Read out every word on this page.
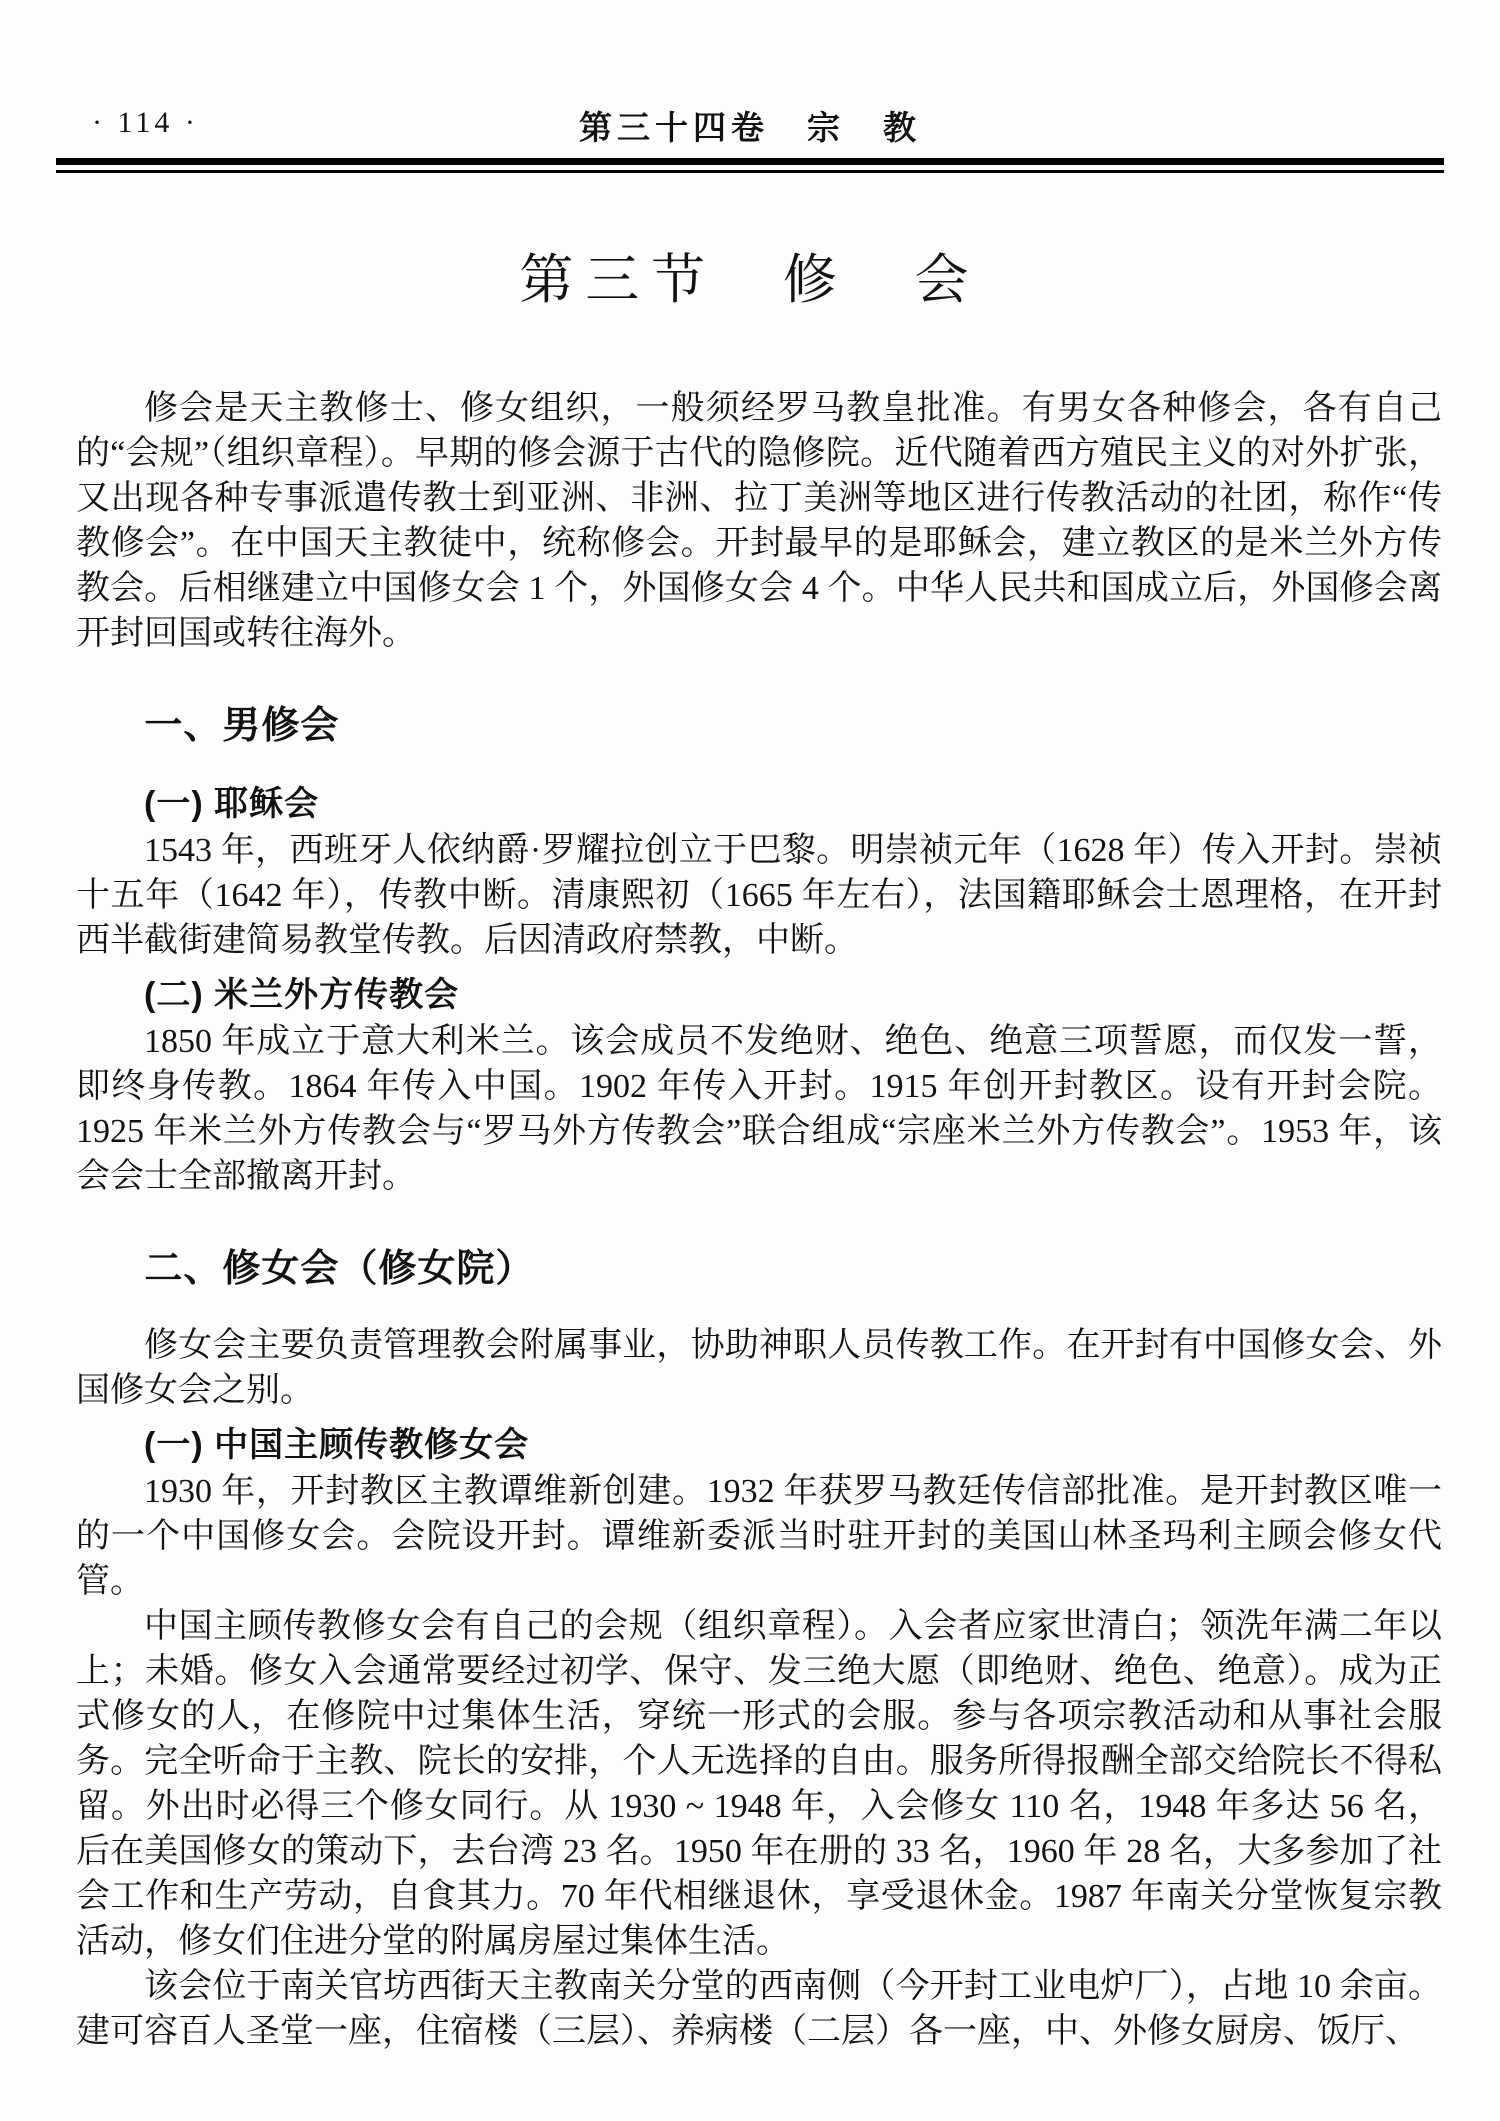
· 114 ·	第三十四卷　宗　教
第三节　修　会

修会是天主教修士、修女组织，一般须经罗马教皇批准。有男女各种修会，各有自己的“会规”（组织章程）。早期的修会源于古代的隐修院。近代随着西方殖民主义的对外扩张，又出现各种专事派遣传教士到亚洲、非洲、拉丁美洲等地区进行传教活动的社团，称作“传教修会”。在中国天主教徒中，统称修会。开封最早的是耶稣会，建立教区的是米兰外方传教会。后相继建立中国修女会 1 个，外国修女会 4 个。中华人民共和国成立后，外国修会离开封回国或转往海外。

一、男修会
(一) 耶稣会

1543 年，西班牙人依纳爵·罗耀拉创立于巴黎。明崇祯元年（1628 年）传入开封。崇祯十五年（1642 年），传教中断。清康熙初（1665 年左右），法国籍耶稣会士恩理格，在开封西半截街建简易教堂传教。后因清政府禁教，中断。

(二) 米兰外方传教会

1850 年成立于意大利米兰。该会成员不发绝财、绝色、绝意三项誓愿，而仅发一誓，即终身传教。1864 年传入中国。1902 年传入开封。1915 年创开封教区。设有开封会院。1925 年米兰外方传教会与“罗马外方传教会”联合组成“宗座米兰外方传教会”。1953 年，该会会士全部撤离开封。

二、修女会（修女院）

修女会主要负责管理教会附属事业，协助神职人员传教工作。在开封有中国修女会、外国修女会之别。

(一) 中国主顾传教修女会

1930 年，开封教区主教谭维新创建。1932 年获罗马教廷传信部批准。是开封教区唯一的一个中国修女会。会院设开封。谭维新委派当时驻开封的美国山林圣玛利主顾会修女代管。

中国主顾传教修女会有自己的会规（组织章程）。入会者应家世清白；领洗年满二年以上；未婚。修女入会通常要经过初学、保守、发三绝大愿（即绝财、绝色、绝意）。成为正式修女的人，在修院中过集体生活，穿统一形式的会服。参与各项宗教活动和从事社会服务。完全听命于主教、院长的安排，个人无选择的自由。服务所得报酬全部交给院长不得私留。外出时必得三个修女同行。从 1930 ~ 1948 年，入会修女 110 名，1948 年多达 56 名，后在美国修女的策动下，去台湾 23 名。1950 年在册的 33 名，1960 年 28 名，大多参加了社会工作和生产劳动，自食其力。70 年代相继退休，享受退休金。1987 年南关分堂恢复宗教活动，修女们住进分堂的附属房屋过集体生活。

该会位于南关官坊西街天主教南关分堂的西南侧（今开封工业电炉厂），占地 10 余亩。建可容百人圣堂一座，住宿楼（三层）、养病楼（二层）各一座，中、外修女厨房、饭厅、
